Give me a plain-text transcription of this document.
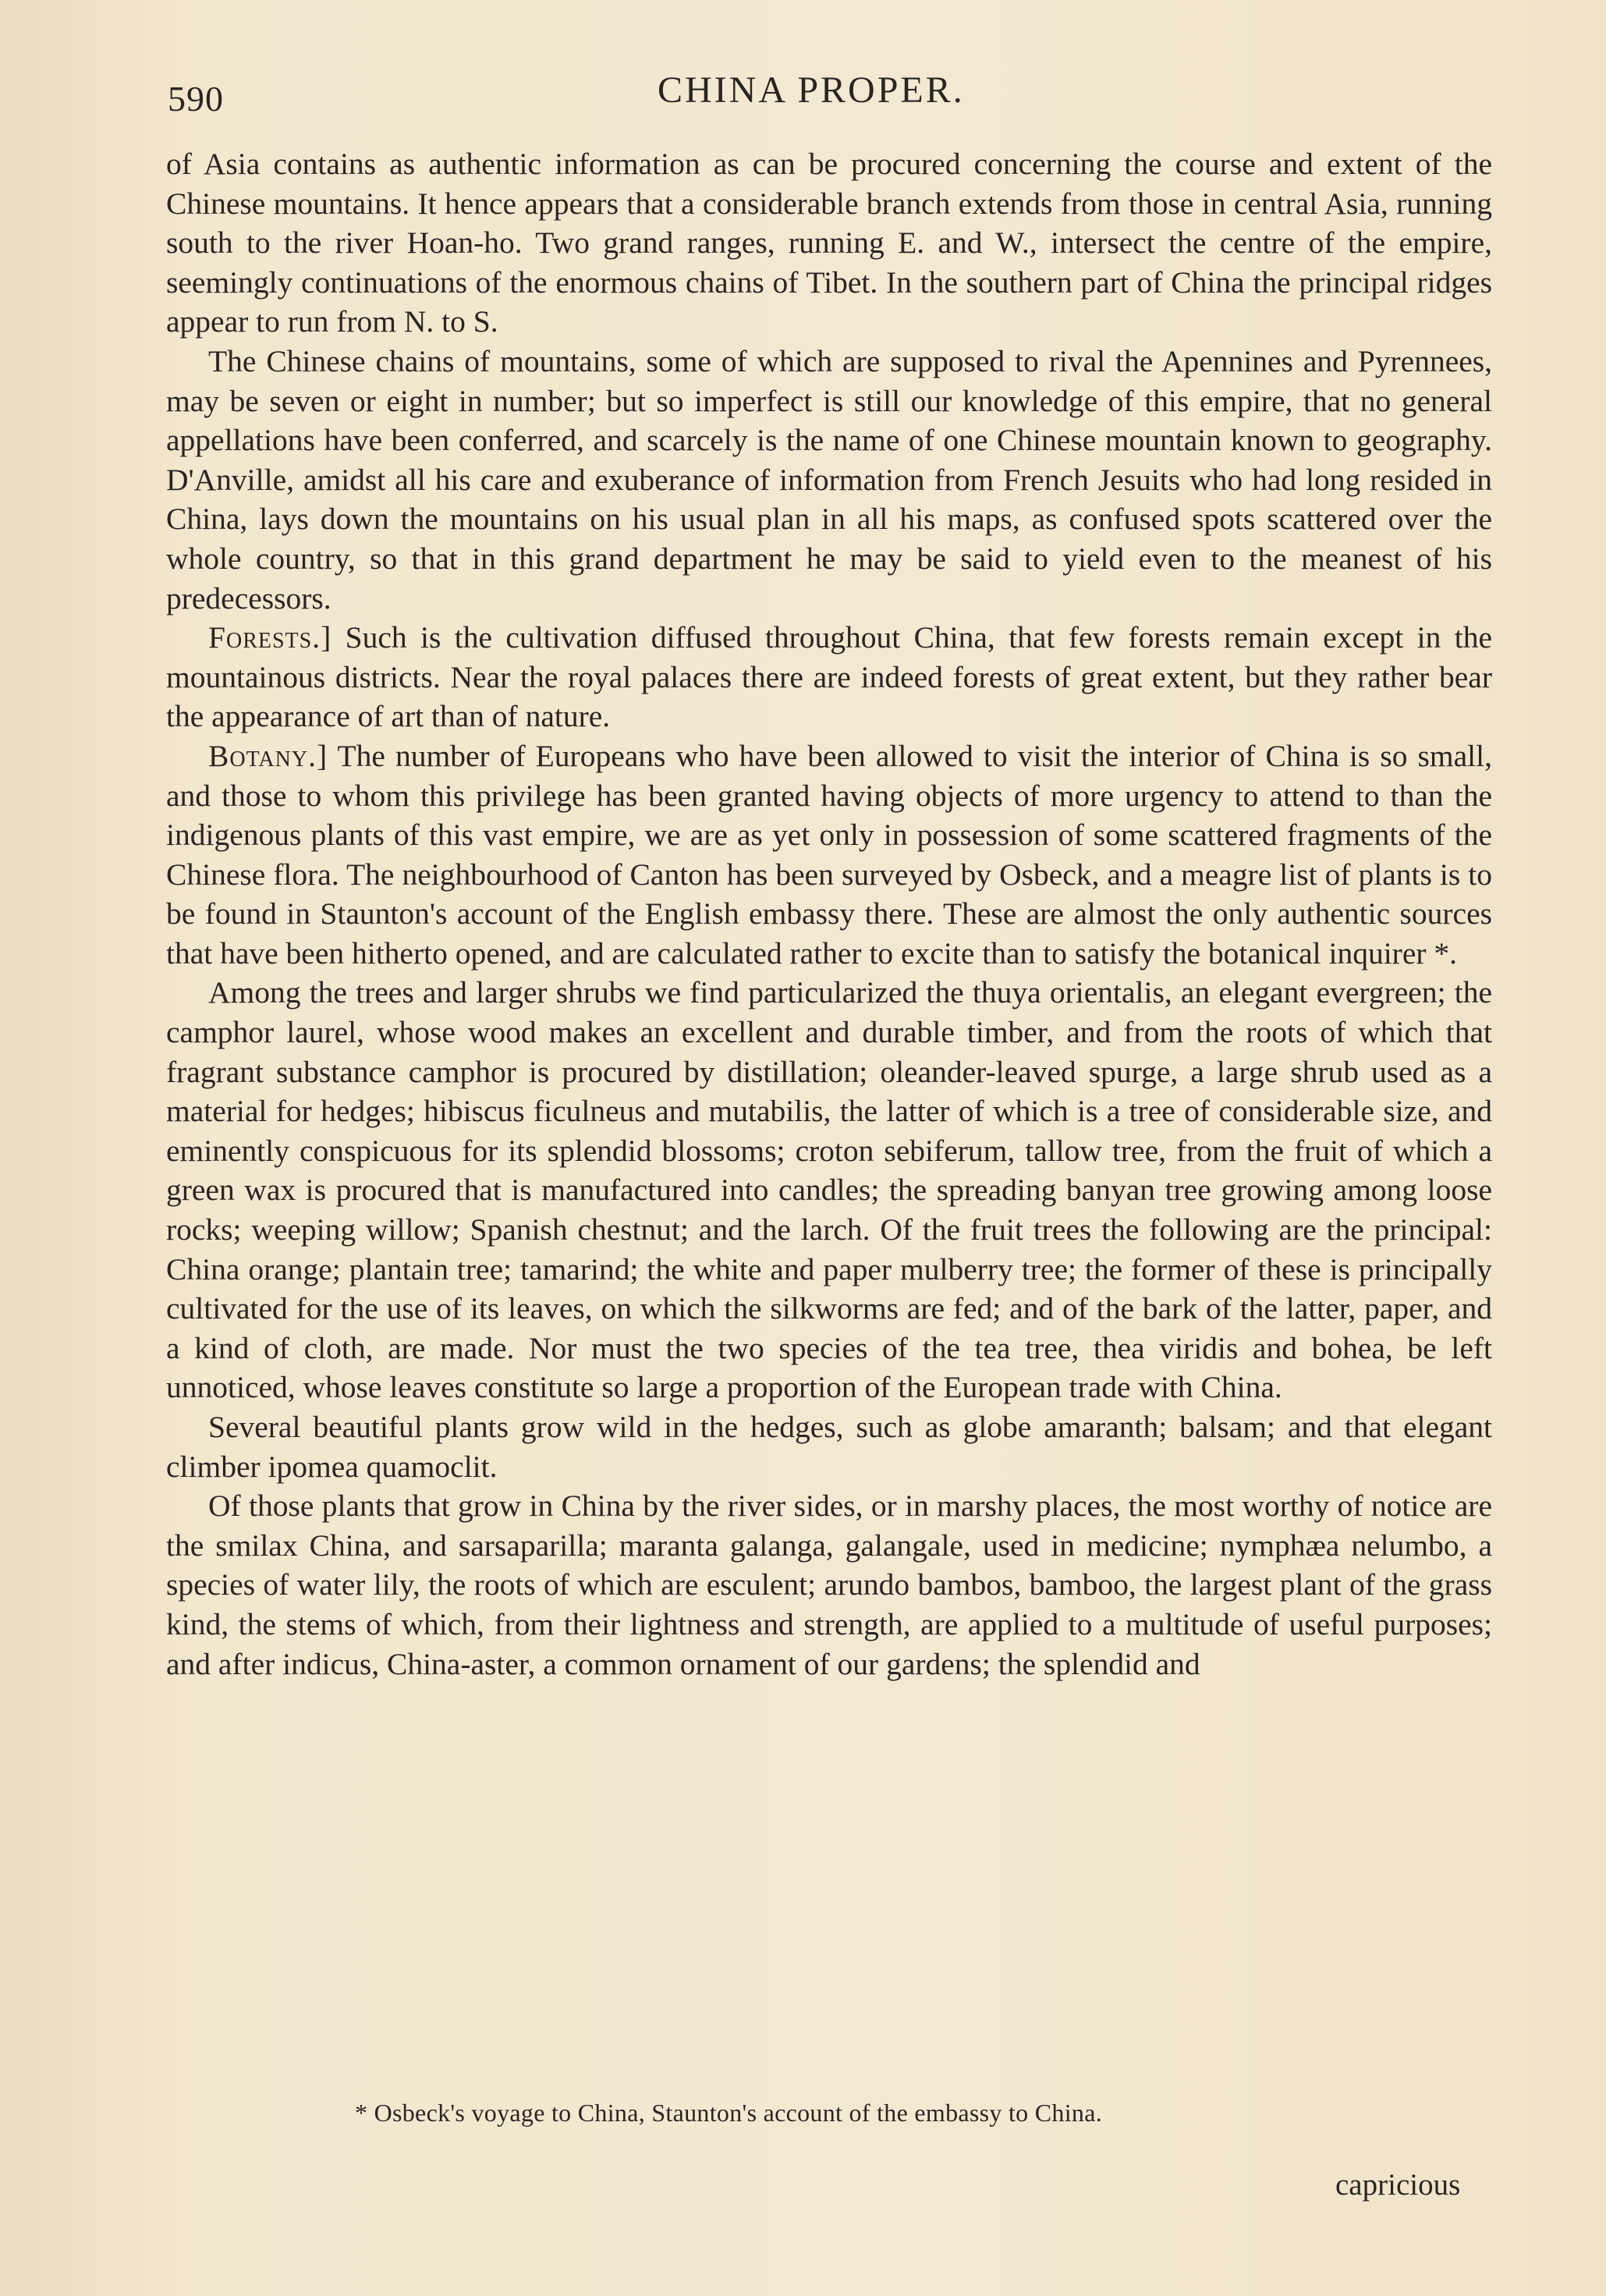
590	CHINA PROPER.

of Asia contains as authentic information as can be procured concerning the course and extent of the Chinese mountains. It hence appears that a considerable branch extends from those in central Asia, running south to the river Hoan-ho. Two grand ranges, running E. and W., intersect the centre of the empire, seemingly continuations of the enormous chains of Tibet. In the southern part of China the principal ridges appear to run from N. to S.

The Chinese chains of mountains, some of which are supposed to rival the Apennines and Pyrennees, may be seven or eight in number; but so imperfect is still our knowledge of this empire, that no general appellations have been conferred, and scarcely is the name of one Chinese mountain known to geography. D'Anville, amidst all his care and exuberance of information from French Jesuits who had long resided in China, lays down the mountains on his usual plan in all his maps, as confused spots scattered over the whole country, so that in this grand department he may be said to yield even to the meanest of his predecessors.

Forests.] Such is the cultivation diffused throughout China, that few forests remain except in the mountainous districts. Near the royal palaces there are indeed forests of great extent, but they rather bear the appearance of art than of nature.

Botany.] The number of Europeans who have been allowed to visit the interior of China is so small, and those to whom this privilege has been granted having objects of more urgency to attend to than the indigenous plants of this vast empire, we are as yet only in possession of some scattered fragments of the Chinese flora. The neighbourhood of Canton has been surveyed by Osbeck, and a meagre list of plants is to be found in Staunton's account of the English embassy there. These are almost the only authentic sources that have been hitherto opened, and are calculated rather to excite than to satisfy the botanical inquirer *.

Among the trees and larger shrubs we find particularized the thuya orientalis, an elegant evergreen; the camphor laurel, whose wood makes an excellent and durable timber, and from the roots of which that fragrant substance camphor is procured by distillation; oleander-leaved spurge, a large shrub used as a material for hedges; hibiscus ficulneus and mutabilis, the latter of which is a tree of considerable size, and eminently conspicuous for its splendid blossoms; croton sebiferum, tallow tree, from the fruit of which a green wax is procured that is manufactured into candles; the spreading banyan tree growing among loose rocks; weeping willow; Spanish chestnut; and the larch. Of the fruit trees the following are the principal: China orange; plantain tree; tamarind; the white and paper mulberry tree; the former of these is principally cultivated for the use of its leaves, on which the silkworms are fed; and of the bark of the latter, paper, and a kind of cloth, are made. Nor must the two species of the tea tree, thea viridis and bohea, be left unnoticed, whose leaves constitute so large a proportion of the European trade with China.

Several beautiful plants grow wild in the hedges, such as globe amaranth; balsam; and that elegant climber ipomea quamoclit.

Of those plants that grow in China by the river sides, or in marshy places, the most worthy of notice are the smilax China, and sarsaparilla; maranta galanga, galangale, used in medicine; nymphæa nelumbo, a species of water lily, the roots of which are esculent; arundo bambos, bamboo, the largest plant of the grass kind, the stems of which, from their lightness and strength, are applied to a multitude of useful purposes; and after indicus, China-aster, a common ornament of our gardens; the splendid and

* Osbeck's voyage to China, Staunton's account of the embassy to China.
capricious
